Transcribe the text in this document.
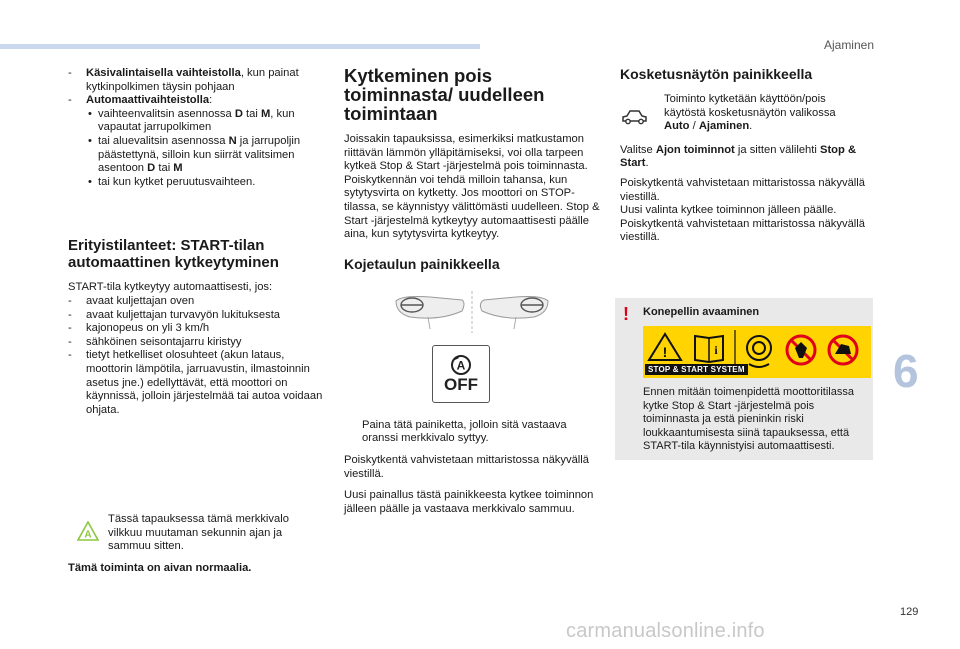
Ajaminen
-	Käsivalintaisella vaihteistolla, kun painat kytkinpolkimen täysin pohjaan

-	Automaattivaihteistolla:

• vaihteenvalitsin asennossa D tai M, kun vapautat jarrupolkimen

• tai aluevalitsin asennossa N ja jarrupoljin päästettynä, silloin kun siirrät valitsimen asentoon D tai M

• tai kun kytket peruutusvaihteen.

Erityistilanteet: START-tilan automaattinen kytkeytyminen

START-tila kytkeytyy automaattisesti, jos:

-	avaat kuljettajan oven

-	avaat kuljettajan turvavyön lukituksesta

-	kajonopeus on yli 3 km/h

-	sähköinen seisontajarru kiristyy

-	tietyt hetkelliset olosuhteet (akun lataus, moottorin lämpötila, jarruavustin, ilmastoinnin asetus jne.) edellyttävät, että moottori on käynnissä, jolloin järjestelmää tai autoa voidaan ohjata.

A

Tässä tapauksessa tämä merkkivalo vilkkuu muutaman sekunnin ajan ja sammuu sitten.

Tämä toiminta on aivan normaalia.

Kytkeminen pois toiminnasta/ uudelleen toimintaan

Joissakin tapauksissa, esimerkiksi matkustamon riittävän lämmön ylläpitämiseksi, voi olla tarpeen kytkeä Stop & Start -järjestelmä pois toiminnasta. Poiskytkennän voi tehdä milloin tahansa, kun sytytysvirta on kytketty. Jos moottori on STOP-tilassa, se käynnistyy välittömästi uudelleen. Stop & Start -järjestelmä kytkeytyy automaattisesti päälle aina, kun sytytysvirta kytkeytyy.

Kojetaulun painikkeella
A
OFF

Paina tätä painiketta, jolloin sitä vastaava oranssi merkkivalo syttyy.

Poiskytkentä vahvistetaan mittaristossa näkyvällä viestillä.

Uusi painallus tästä painikkeesta kytkee toiminnon jälleen päälle ja vastaava merkkivalo sammuu.

Kosketusnäytön painikkeella

Toiminto kytketään käyttöön/pois käytöstä kosketusnäytön valikossa Auto / Ajaminen.

Valitse Ajon toiminnot ja sitten välilehti Stop & Start.

Poiskytkentä vahvistetaan mittaristossa näkyvällä viestillä.

Uusi valinta kytkee toiminnon jälleen päälle.

Poiskytkentä vahvistetaan mittaristossa näkyvällä viestillä.

! Konepellin avaaminen
!	i
STOP & START SYSTEM

Ennen mitään toimenpidettä moottoritilassa kytke Stop & Start -järjestelmä pois toiminnasta ja estä pieninkin riski loukkaantumisesta siinä tapauksessa, että START-tila käynnistyisi automaattisesti.

6
129
carmanualsonline.info
